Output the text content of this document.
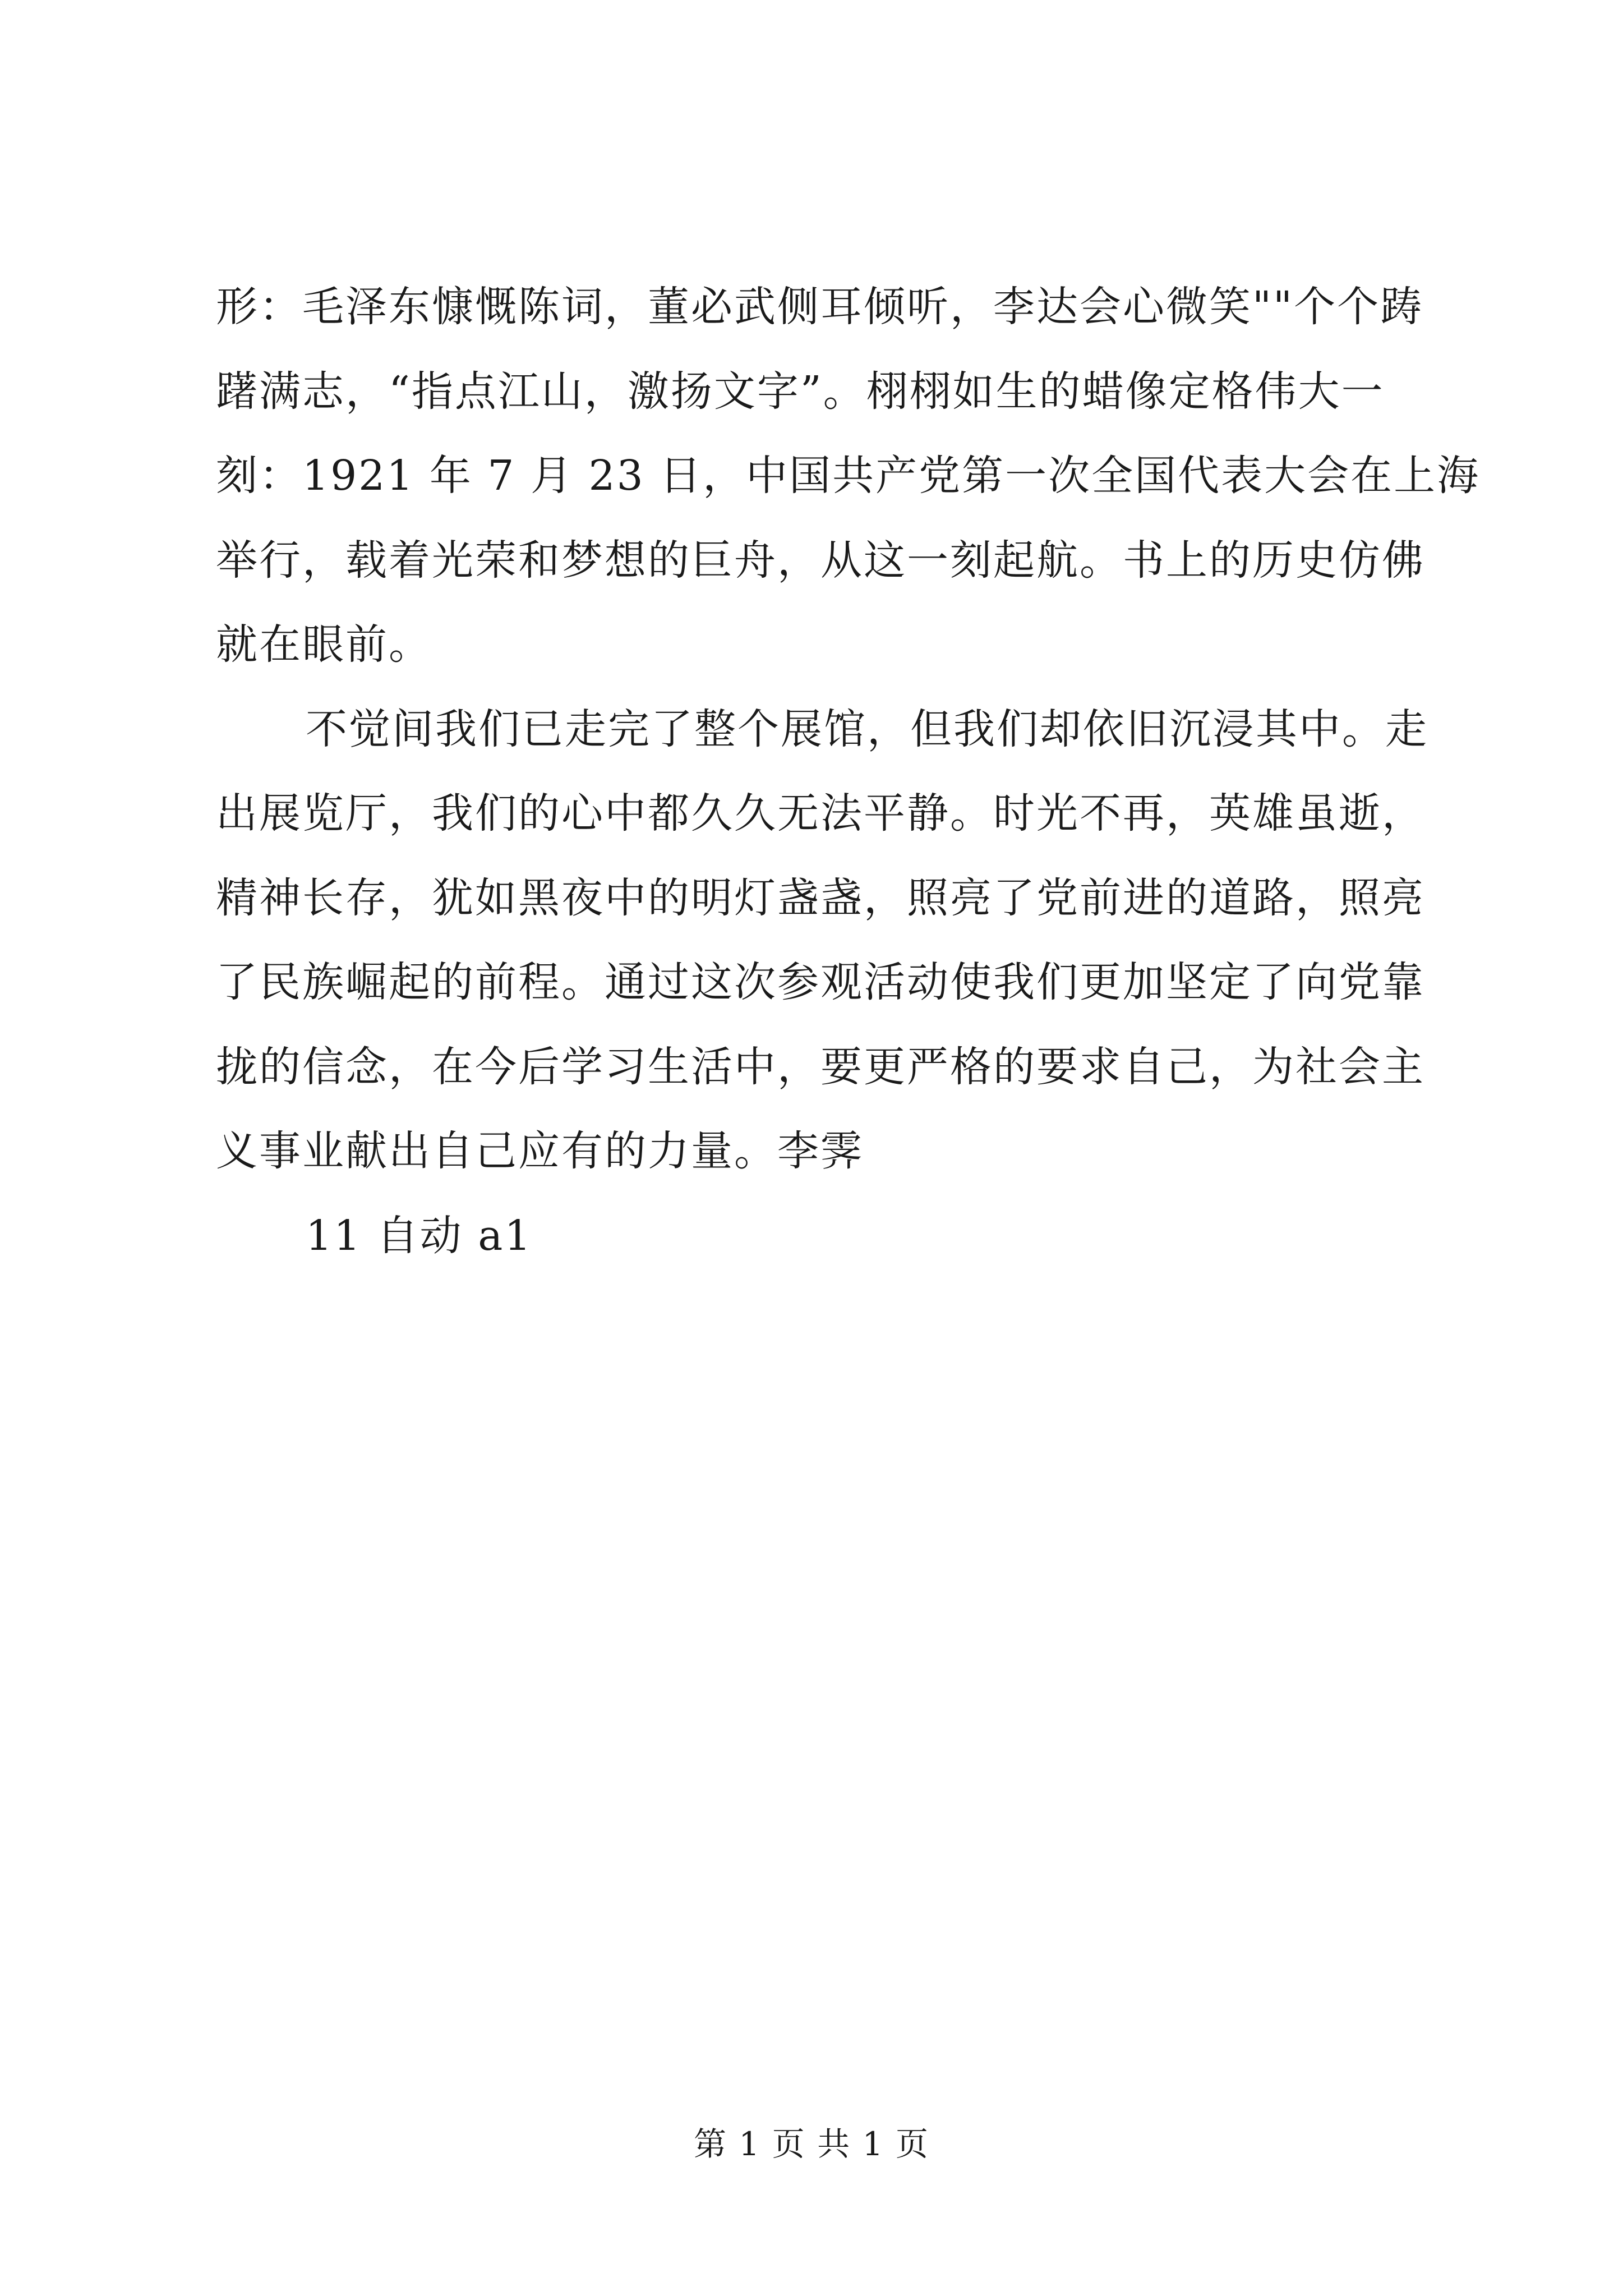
形：毛泽东慷慨陈词，董必武侧耳倾听，李达会心微笑""个个踌
躇满志，“指点江山，激扬文字”。栩栩如生的蜡像定格伟大一
刻：1921 年 7 月 23 日，中国共产党第一次全国代表大会在上海
举行，载着光荣和梦想的巨舟，从这一刻起航。书上的历史仿佛
就在眼前。
不觉间我们已走完了整个展馆，但我们却依旧沉浸其中。走
出展览厅，我们的心中都久久无法平静。时光不再，英雄虽逝，
精神长存，犹如黑夜中的明灯盏盏，照亮了党前进的道路，照亮
了民族崛起的前程。通过这次参观活动使我们更加坚定了向党靠
拢的信念，在今后学习生活中，要更严格的要求自己，为社会主
义事业献出自己应有的力量。李霁
11 自动 a1
第 1 页 共 1 页
